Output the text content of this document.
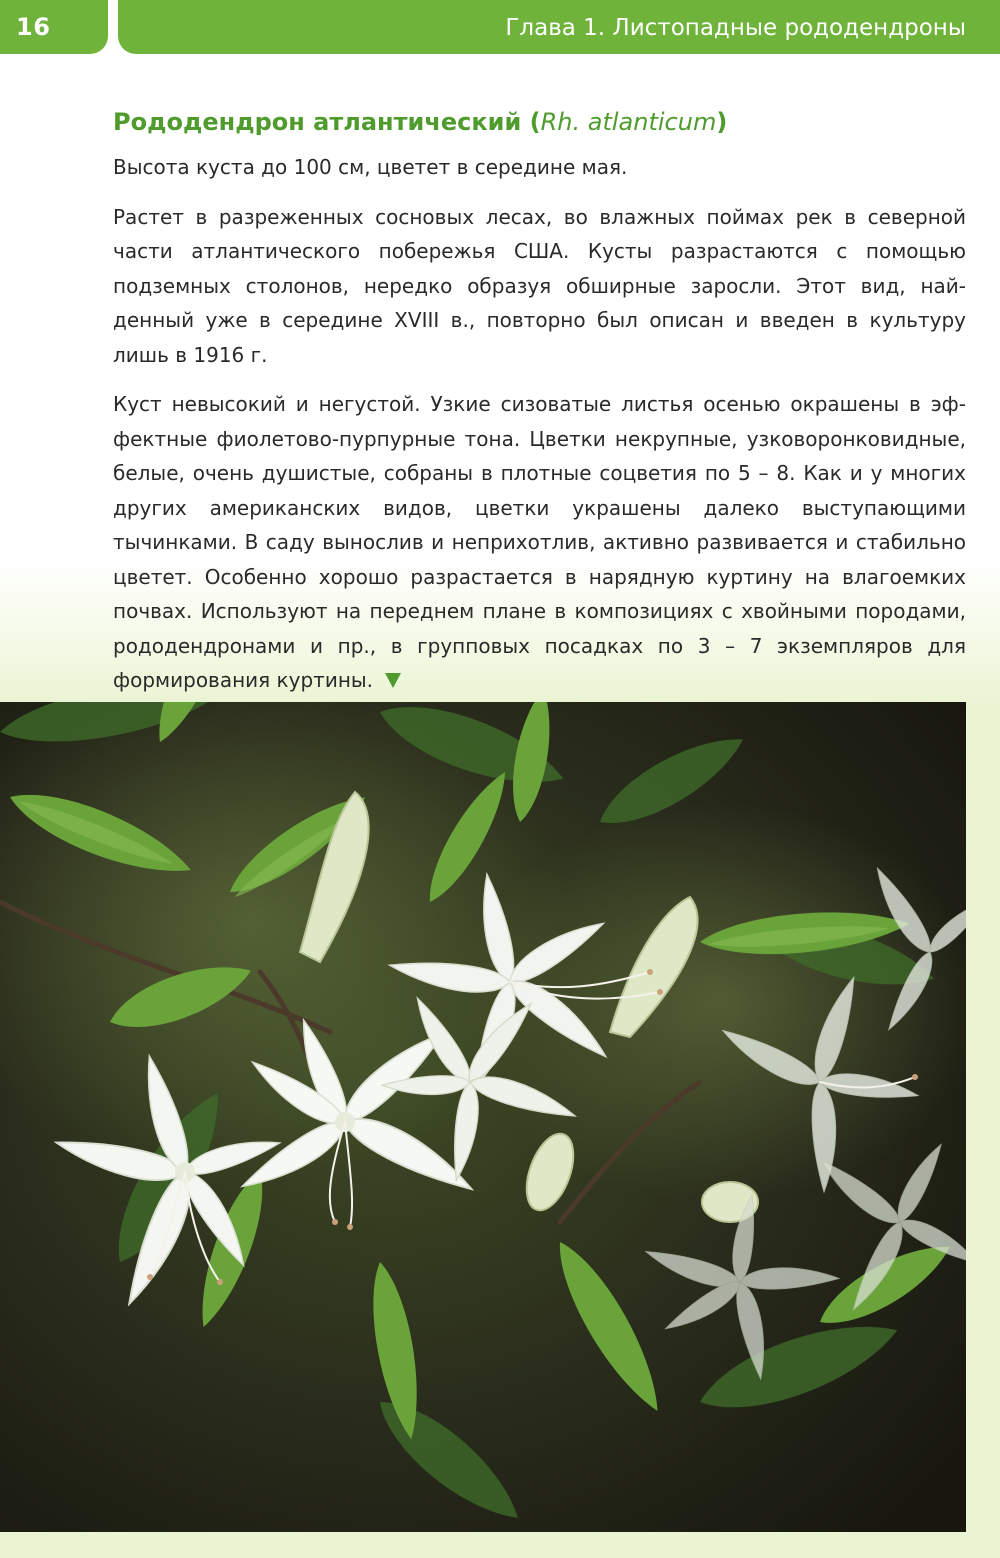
16	Глава 1. Листопадные рододендроны
Рододендрон атлантический (Rh. atlanticum)

Высота куста до 100 см, цветет в середине мая.

Растет в разреженных сосновых лесах, во влажных поймах рек в северной части атлантического побережья США. Кусты разрастаются с помощью подземных столонов, нередко образуя обширные заросли. Этот вид, найденный уже в середине XVIII в., повторно был описан и введен в культуру лишь в 1916 г.

Куст невысокий и негустой. Узкие сизоватые листья осенью окрашены в эффектные фиолетово-пурпурные тона. Цветки некрупные, узковоронковидные, белые, очень душистые, собраны в плотные соцветия по 5 – 8. Как и у многих других американских видов, цветки украшены далеко выступающими тычинками. В саду вынослив и неприхотлив, активно развивается и стабильно цветет. Особенно хорошо разрастается в нарядную куртину на влагоемких почвах. Используют на переднем плане в композициях с хвойными породами, рододендронами и пр., в групповых посадках по 3 – 7 экземпляров для формирования куртины.
